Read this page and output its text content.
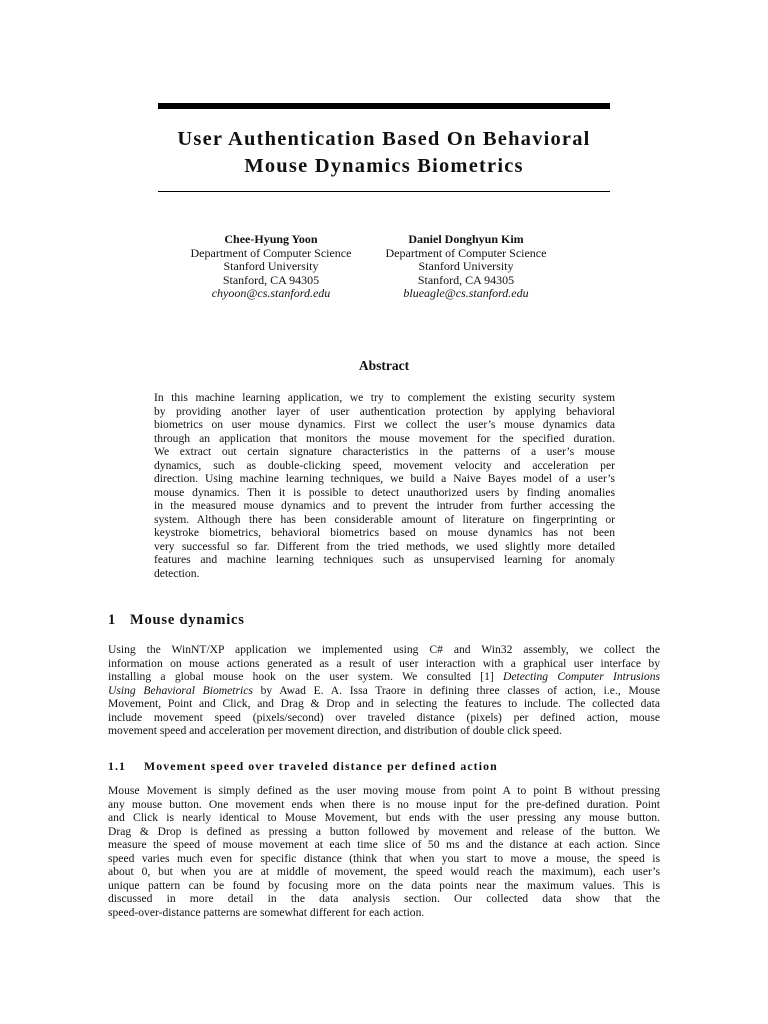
User Authentication Based On Behavioral
Mouse Dynamics Biometrics
Chee-Hyung Yoon
Department of Computer Science
Stanford University
Stanford, CA 94305
chyoon@cs.stanford.edu
Daniel Donghyun Kim
Department of Computer Science
Stanford University
Stanford, CA 94305
blueagle@cs.stanford.edu
Abstract
In this machine learning application, we try to complement the existing security system
by providing another layer of user authentication protection by applying behavioral
biometrics on user mouse dynamics. First we collect the user’s mouse dynamics data
through an application that monitors the mouse movement for the specified duration.
We extract out certain signature characteristics in the patterns of a user’s mouse
dynamics, such as double-clicking speed, movement velocity and acceleration per
direction. Using machine learning techniques, we build a Naive Bayes model of a user’s
mouse dynamics. Then it is possible to detect unauthorized users by finding anomalies
in the measured mouse dynamics and to prevent the intruder from further accessing the
system. Although there has been considerable amount of literature on fingerprinting or
keystroke biometrics, behavioral biometrics based on mouse dynamics has not been
very successful so far. Different from the tried methods, we used slightly more detailed
features and machine learning techniques such as unsupervised learning for anomaly
detection.
1 Mouse dynamics
Using the WinNT/XP application we implemented using C# and Win32 assembly, we collect the
information on mouse actions generated as a result of user interaction with a graphical user interface by
installing a global mouse hook on the user system. We consulted [1] Detecting Computer Intrusions
Using Behavioral Biometrics by Awad E. A. Issa Traore in defining three classes of action, i.e., Mouse
Movement, Point and Click, and Drag & Drop and in selecting the features to include. The collected data
include movement speed (pixels/second) over traveled distance (pixels) per defined action, mouse
movement speed and acceleration per movement direction, and distribution of double click speed.
1.1 Movement speed over traveled distance per defined action
Mouse Movement is simply defined as the user moving mouse from point A to point B without pressing
any mouse button. One movement ends when there is no mouse input for the pre-defined duration. Point
and Click is nearly identical to Mouse Movement, but ends with the user pressing any mouse button.
Drag & Drop is defined as pressing a button followed by movement and release of the button. We
measure the speed of mouse movement at each time slice of 50 ms and the distance at each action. Since
speed varies much even for specific distance (think that when you start to move a mouse, the speed is
about 0, but when you are at middle of movement, the speed would reach the maximum), each user’s
unique pattern can be found by focusing more on the data points near the maximum values. This is
discussed in more detail in the data analysis section. Our collected data show that the
speed-over-distance patterns are somewhat different for each action.
